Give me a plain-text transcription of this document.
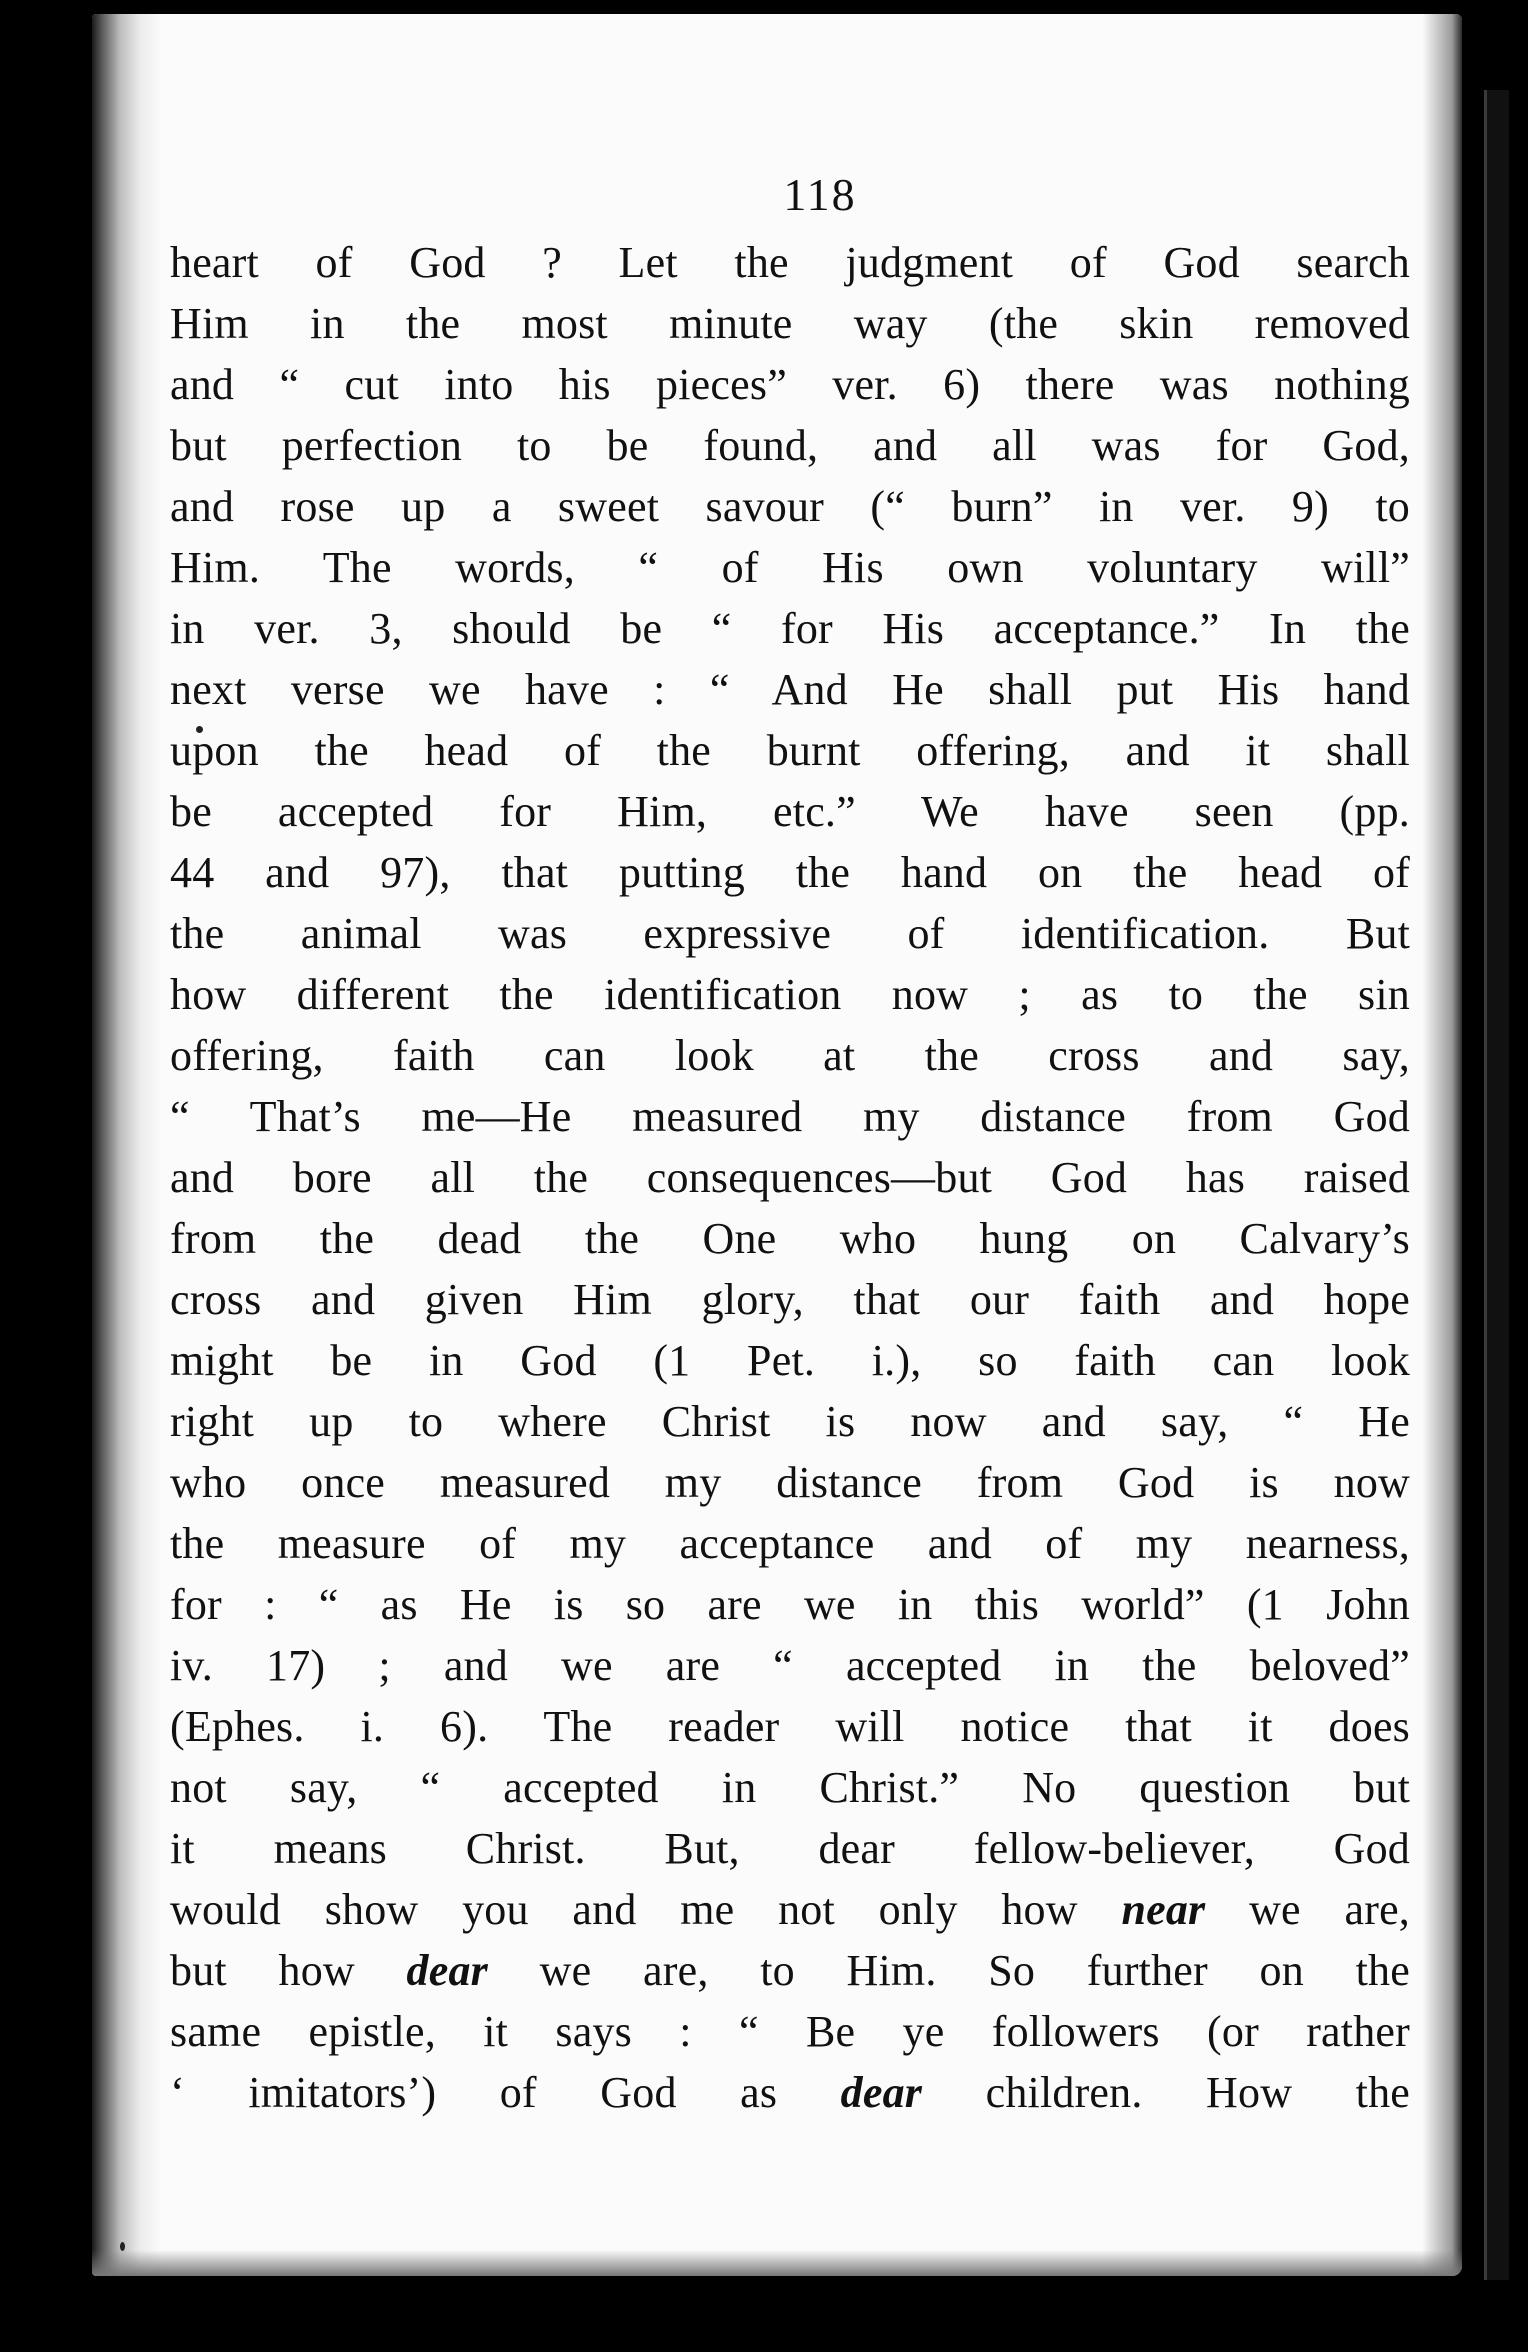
118
heart of God ? Let the judgment of God search
Him in the most minute way (the skin removed
and “ cut into his pieces” ver. 6) there was nothing
but perfection to be found, and all was for God,
and rose up a sweet savour (“ burn” in ver. 9) to
Him. The words, “ of His own voluntary will”
in ver. 3, should be “ for His acceptance.” In the
next verse we have : “ And He shall put His hand
upon the head of the burnt offering, and it shall
be accepted for Him, etc.” We have seen (pp.
44 and 97), that putting the hand on the head of
the animal was expressive of identification. But
how different the identification now ; as to the sin
offering, faith can look at the cross and say,
“ That’s me—He measured my distance from God
and bore all the consequences—but God has raised
from the dead the One who hung on Calvary’s
cross and given Him glory, that our faith and hope
might be in God (1 Pet. i.), so faith can look
right up to where Christ is now and say, “ He
who once measured my distance from God is now
the measure of my acceptance and of my nearness,
for : “ as He is so are we in this world” (1 John
iv. 17) ; and we are “ accepted in the beloved”
(Ephes. i. 6). The reader will notice that it does
not say, “ accepted in Christ.” No question but
it means Christ. But, dear fellow-believer, God
would show you and me not only how near we are,
but how dear we are, to Him. So further on the
same epistle, it says : “ Be ye followers (or rather
‘ imitators’) of God as dear children. How the
